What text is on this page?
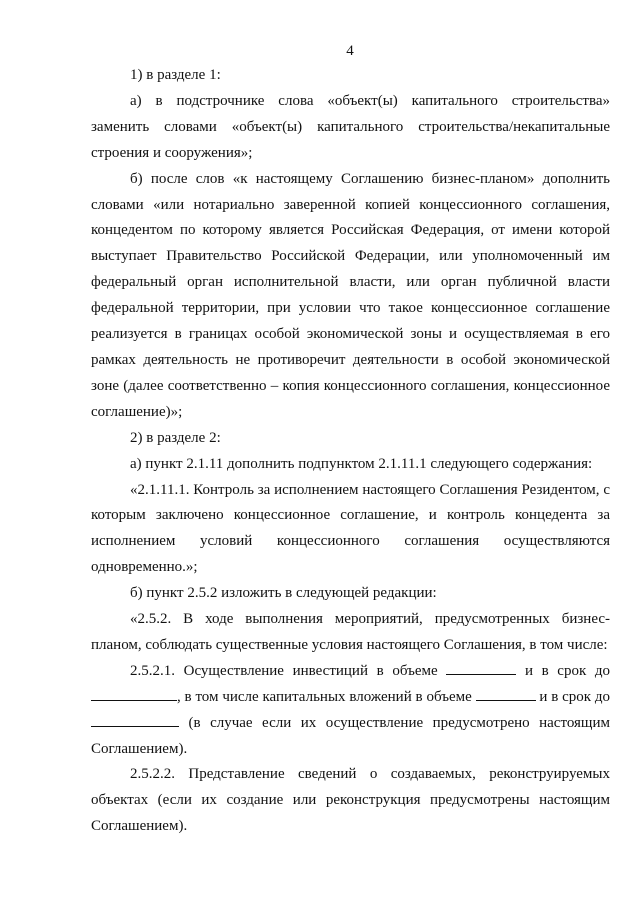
4

1) в разделе 1:

а) в подстрочнике слова «объект(ы) капитального строительства» заменить словами «объект(ы) капитального строительства/некапитальные строения и сооружения»;

б) после слов «к настоящему Соглашению бизнес-планом» дополнить словами «или нотариально заверенной копией концессионного соглашения, концедентом по которому является Российская Федерация, от имени которой выступает Правительство Российской Федерации, или уполномоченный им федеральный орган исполнительной власти, или орган публичной власти федеральной территории, при условии что такое концессионное соглашение реализуется в границах особой экономической зоны и осуществляемая в его рамках деятельность не противоречит деятельности в особой экономической зоне (далее соответственно – копия концессионного соглашения, концессионное соглашение)»;

2) в разделе 2:

а) пункт 2.1.11 дополнить подпунктом 2.1.11.1 следующего содержания:

«2.1.11.1. Контроль за исполнением настоящего Соглашения Резидентом, с которым заключено концессионное соглашение, и контроль концедента за исполнением условий концессионного соглашения осуществляются одновременно.»;

б) пункт 2.5.2 изложить в следующей редакции:

«2.5.2. В ходе выполнения мероприятий, предусмотренных бизнес-планом, соблюдать существенные условия настоящего Соглашения, в том числе:

2.5.2.1. Осуществление инвестиций в объеме	и в срок до , в том числе капитальных вложений в объеме	и в срок до  (в случае если их осуществление предусмотрено настоящим Соглашением).

2.5.2.2. Представление сведений о создаваемых, реконструируемых объектах (если их создание или реконструкция предусмотрены настоящим Соглашением).
